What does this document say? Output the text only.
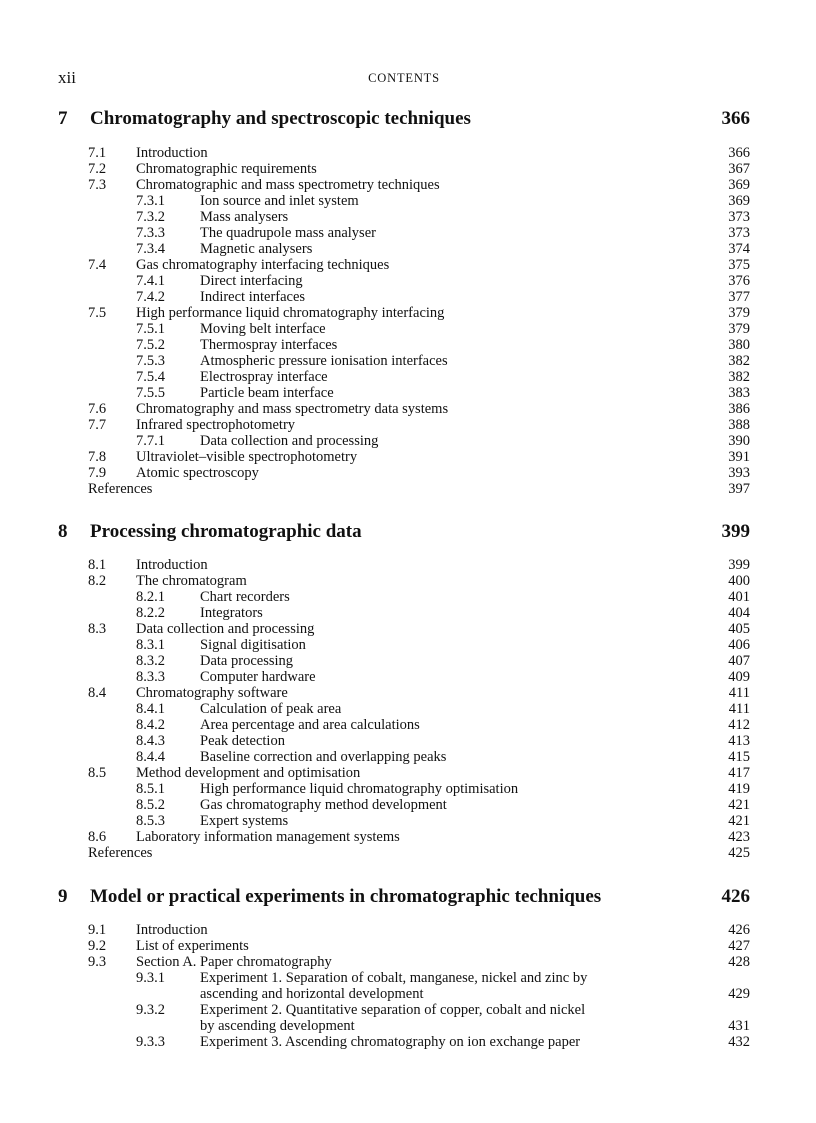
xii	CONTENTS
7 Chromatography and spectroscopic techniques	366
7.1 Introduction	366
7.2 Chromatographic requirements	367
7.3 Chromatographic and mass spectrometry techniques	369
7.3.1 Ion source and inlet system	369
7.3.2 Mass analysers	373
7.3.3 The quadrupole mass analyser	373
7.3.4 Magnetic analysers	374
7.4 Gas chromatography interfacing techniques	375
7.4.1 Direct interfacing	376
7.4.2 Indirect interfaces	377
7.5 High performance liquid chromatography interfacing	379
7.5.1 Moving belt interface	379
7.5.2 Thermospray interfaces	380
7.5.3 Atmospheric pressure ionisation interfaces	382
7.5.4 Electrospray interface	382
7.5.5 Particle beam interface	383
7.6 Chromatography and mass spectrometry data systems	386
7.7 Infrared spectrophotometry	388
7.7.1 Data collection and processing	390
7.8 Ultraviolet–visible spectrophotometry	391
7.9 Atomic spectroscopy	393
References	397
8 Processing chromatographic data	399
8.1 Introduction	399
8.2 The chromatogram	400
8.2.1 Chart recorders	401
8.2.2 Integrators	404
8.3 Data collection and processing	405
8.3.1 Signal digitisation	406
8.3.2 Data processing	407
8.3.3 Computer hardware	409
8.4 Chromatography software	411
8.4.1 Calculation of peak area	411
8.4.2 Area percentage and area calculations	412
8.4.3 Peak detection	413
8.4.4 Baseline correction and overlapping peaks	415
8.5 Method development and optimisation	417
8.5.1 High performance liquid chromatography optimisation	419
8.5.2 Gas chromatography method development	421
8.5.3 Expert systems	421
8.6 Laboratory information management systems	423
References	425
9 Model or practical experiments in chromatographic techniques	426
9.1 Introduction	426
9.2 List of experiments	427
9.3 Section A. Paper chromatography	428
9.3.1 Experiment 1. Separation of cobalt, manganese, nickel and zinc by
ascending and horizontal development	429
9.3.2 Experiment 2. Quantitative separation of copper, cobalt and nickel
by ascending development	431
9.3.3 Experiment 3. Ascending chromatography on ion exchange paper	432
